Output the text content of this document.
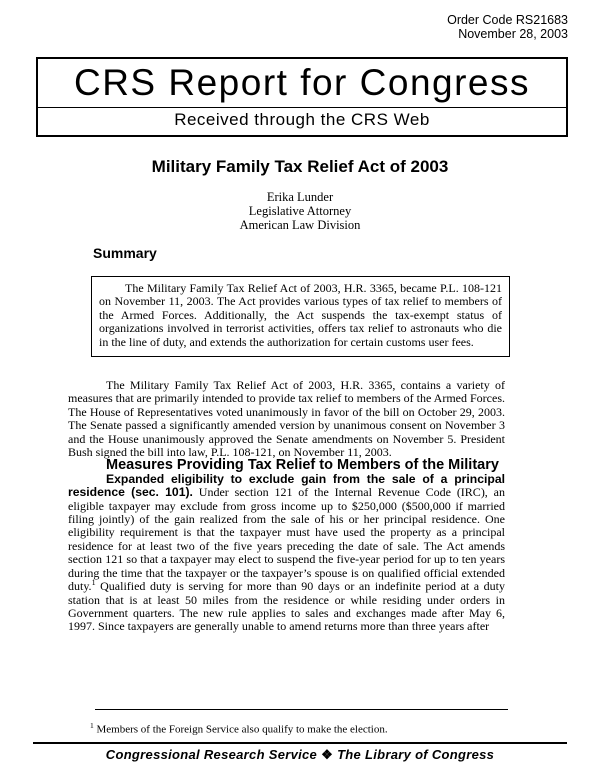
Order Code RS21683
November 28, 2003
CRS Report for Congress
Received through the CRS Web
Military Family Tax Relief Act of 2003
Erika Lunder
Legislative Attorney
American Law Division
Summary

The Military Family Tax Relief Act of 2003, H.R. 3365, became P.L. 108-121 on November 11, 2003. The Act provides various types of tax relief to members of the Armed Forces. Additionally, the Act suspends the tax-exempt status of organizations involved in terrorist activities, offers tax relief to astronauts who die in the line of duty, and extends the authorization for certain customs user fees.

The Military Family Tax Relief Act of 2003, H.R. 3365, contains a variety of measures that are primarily intended to provide tax relief to members of the Armed Forces. The House of Representatives voted unanimously in favor of the bill on October 29, 2003. The Senate passed a significantly amended version by unanimous consent on November 3 and the House unanimously approved the Senate amendments on November 5. President Bush signed the bill into law, P.L. 108-121, on November 11, 2003.

Measures Providing Tax Relief to Members of the Military

Expanded eligibility to exclude gain from the sale of a principal residence (sec. 101). Under section 121 of the Internal Revenue Code (IRC), an eligible taxpayer may exclude from gross income up to $250,000 ($500,000 if married filing jointly) of the gain realized from the sale of his or her principal residence. One eligibility requirement is that the taxpayer must have used the property as a principal residence for at least two of the five years preceding the date of sale. The Act amends section 121 so that a taxpayer may elect to suspend the five-year period for up to ten years during the time that the taxpayer or the taxpayer’s spouse is on qualified official extended duty.$^1$ Qualified duty is serving for more than 90 days or an indefinite period at a duty station that is at least 50 miles from the residence or while residing under orders in Government quarters. The new rule applies to sales and exchanges made after May 6, 1997. Since taxpayers are generally unable to amend returns more than three years after

$^1$ Members of the Foreign Service also qualify to make the election.
Congressional Research Service ❖ The Library of Congress
